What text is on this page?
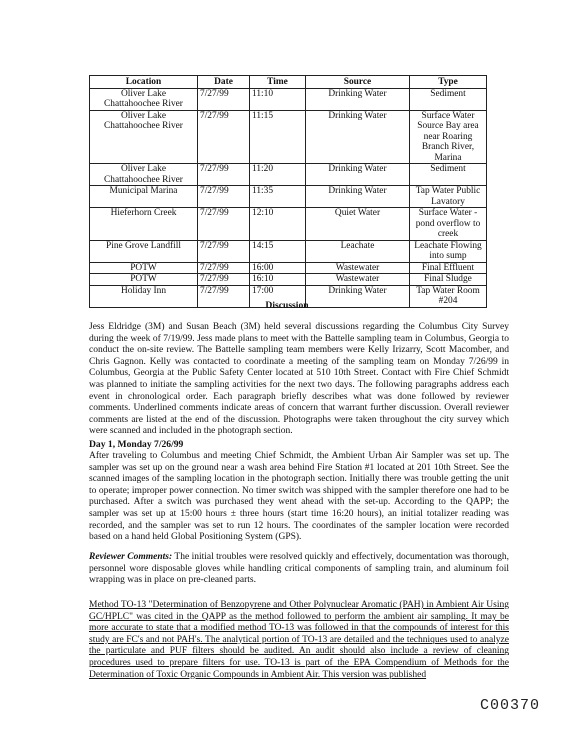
Location	Date	Time	Source	Type
Oliver Lake Chattahoochee River	7/27/99	11:10	Drinking Water	Sediment
Oliver Lake Chattahoochee River	7/27/99	11:15	Drinking Water	Surface Water Source Bay area near Roaring Branch River, Marina
Oliver Lake Chattahoochee River	7/27/99	11:20	Drinking Water	Sediment
Municipal Marina	7/27/99	11:35	Drinking Water	Tap Water Public Lavatory
Hieferhorn Creek	7/27/99	12:10	Quiet Water	Surface Water - pond overflow to creek
Pine Grove Landfill	7/27/99	14:15	Leachate	Leachate Flowing into sump
POTW	7/27/99	16:00	Wastewater	Final Effluent
POTW	7/27/99	16:10	Wastewater	Final Sludge
Holiday Inn	7/27/99	17:00	Drinking Water	Tap Water Room #204
Discussion

Jess Eldridge (3M) and Susan Beach (3M) held several discussions regarding the Columbus City Survey during the week of 7/19/99. Jess made plans to meet with the Battelle sampling team in Columbus, Georgia to conduct the on-site review. The Battelle sampling team members were Kelly Irizarry, Scott Macomber, and Chris Gagnon. Kelly was contacted to coordinate a meeting of the sampling team on Monday 7/26/99 in Columbus, Georgia at the Public Safety Center located at 510 10th Street. Contact with Fire Chief Schmidt was planned to initiate the sampling activities for the next two days. The following paragraphs address each event in chronological order. Each paragraph briefly describes what was done followed by reviewer comments. Underlined comments indicate areas of concern that warrant further discussion. Overall reviewer comments are listed at the end of the discussion. Photographs were taken throughout the city survey which were scanned and included in the photograph section.

Day 1, Monday 7/26/99

After traveling to Columbus and meeting Chief Schmidt, the Ambient Urban Air Sampler was set up. The sampler was set up on the ground near a wash area behind Fire Station #1 located at 201 10th Street. See the scanned images of the sampling location in the photograph section. Initially there was trouble getting the unit to operate; improper power connection. No timer switch was shipped with the sampler therefore one had to be purchased. After a switch was purchased they went ahead with the set-up. According to the QAPP; the sampler was set up at 15:00 hours ± three hours (start time 16:20 hours), an initial totalizer reading was recorded, and the sampler was set to run 12 hours. The coordinates of the sampler location were recorded based on a hand held Global Positioning System (GPS).

Reviewer Comments: The initial troubles were resolved quickly and effectively, documentation was thorough, personnel wore disposable gloves while handling critical components of sampling train, and aluminum foil wrapping was in place on pre-cleaned parts.

Method TO-13 "Determination of Benzopyrene and Other Polynuclear Aromatic (PAH) in Ambient Air Using GC/HPLC" was cited in the QAPP as the method followed to perform the ambient air sampling. It may be more accurate to state that a modified method TO-13 was followed in that the compounds of interest for this study are FC's and not PAH's. The analytical portion of TO-13 are detailed and the techniques used to analyze the particulate and PUF filters should be audited. An audit should also include a review of cleaning procedures used to prepare filters for use. TO-13 is part of the EPA Compendium of Methods for the Determination of Toxic Organic Compounds in Ambient Air. This version was published

C00370
